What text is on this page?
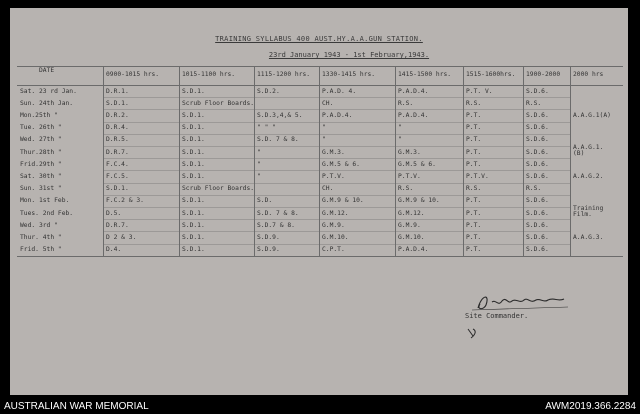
TRAINING SYLLABUS 400 AUST.HY.A.A.GUN STATION.
23rd January 1943 - 1st February,1943.
DATE
0900-1015 hrs.	1015-1100 hrs.	1115-1200 hrs. 1330-1415 hrs.	1415-1500 hrs. 1515-1600hrs. 1900-2000 2000 hrs
Sat. 23 rd Jan.	D.R.1.	S.D.1.	S.D.2.	P.A.D. 4.	P.A.D.4.	P.T. V.	S.D.6.
Sun. 24th Jan.	S.D.1.	Scrub Floor Boards.	CH.	R.S.	R.S.	R.S.
Mon.25th "	D.R.2.	S.D.1.	S.D.3,4,& 5.	P.A.D.4.	P.A.D.4.	P.T.	S.D.6.	A.A.G.1(A)
Tue. 26th "	D.R.4.	S.D.1.	" " "	"	"	P.T.	S.D.6.
Wed. 27th "	D.R.5.	S.D.1.	S.D. 7 & 8.	"	"	P.T.	S.D.6.
Thur.28th "	D.R.7.	S.D.1.	"	G.M.3.	G.M.3.	P.T.	S.D.6.
A.A.G.1.(B)
Frid.29th "	F.C.4.	S.D.1.	"	G.M.5 & 6.	G.M.5 & 6.	P.T.	S.D.6.
Sat. 30th "	F.C.5.	S.D.1.	"	P.T.V.	P.T.V.	P.T.V.	S.D.6.	A.A.G.2.
Sun. 31st "	S.D.1.	Scrub Floor Boards.	CH.	R.S.	R.S.	R.S.
Mon. 1st Feb.	F.C.2 & 3.	S.D.1.	S.D.	G.M.9 & 10.	G.M.9 & 10.	P.T.	S.D.6.
Tues. 2nd Feb.	D.5.	S.D.1.	S.D. 7 & 8.	G.M.12.	G.M.12.	P.T.	S.D.6.
Training Film.
Wed. 3rd "	D.R.7.	S.D.1.	S.D.7 & 8.	G.M.9.	G.M.9.	P.T.	S.D.6.
Thur. 4th "	D 2 & 3.	S.D.1.	S.D.9.	G.M.10.	G.M.10.	P.T.	S.D.6.	A.A.G.3.
Frid. 5th "	D.4.	S.D.1.	S.D.9.	C.P.T.	P.A.D.4.	P.T.	S.D.6.
Site Commander.
AUSTRALIAN WAR MEMORIAL	AWM2019.366.2284
